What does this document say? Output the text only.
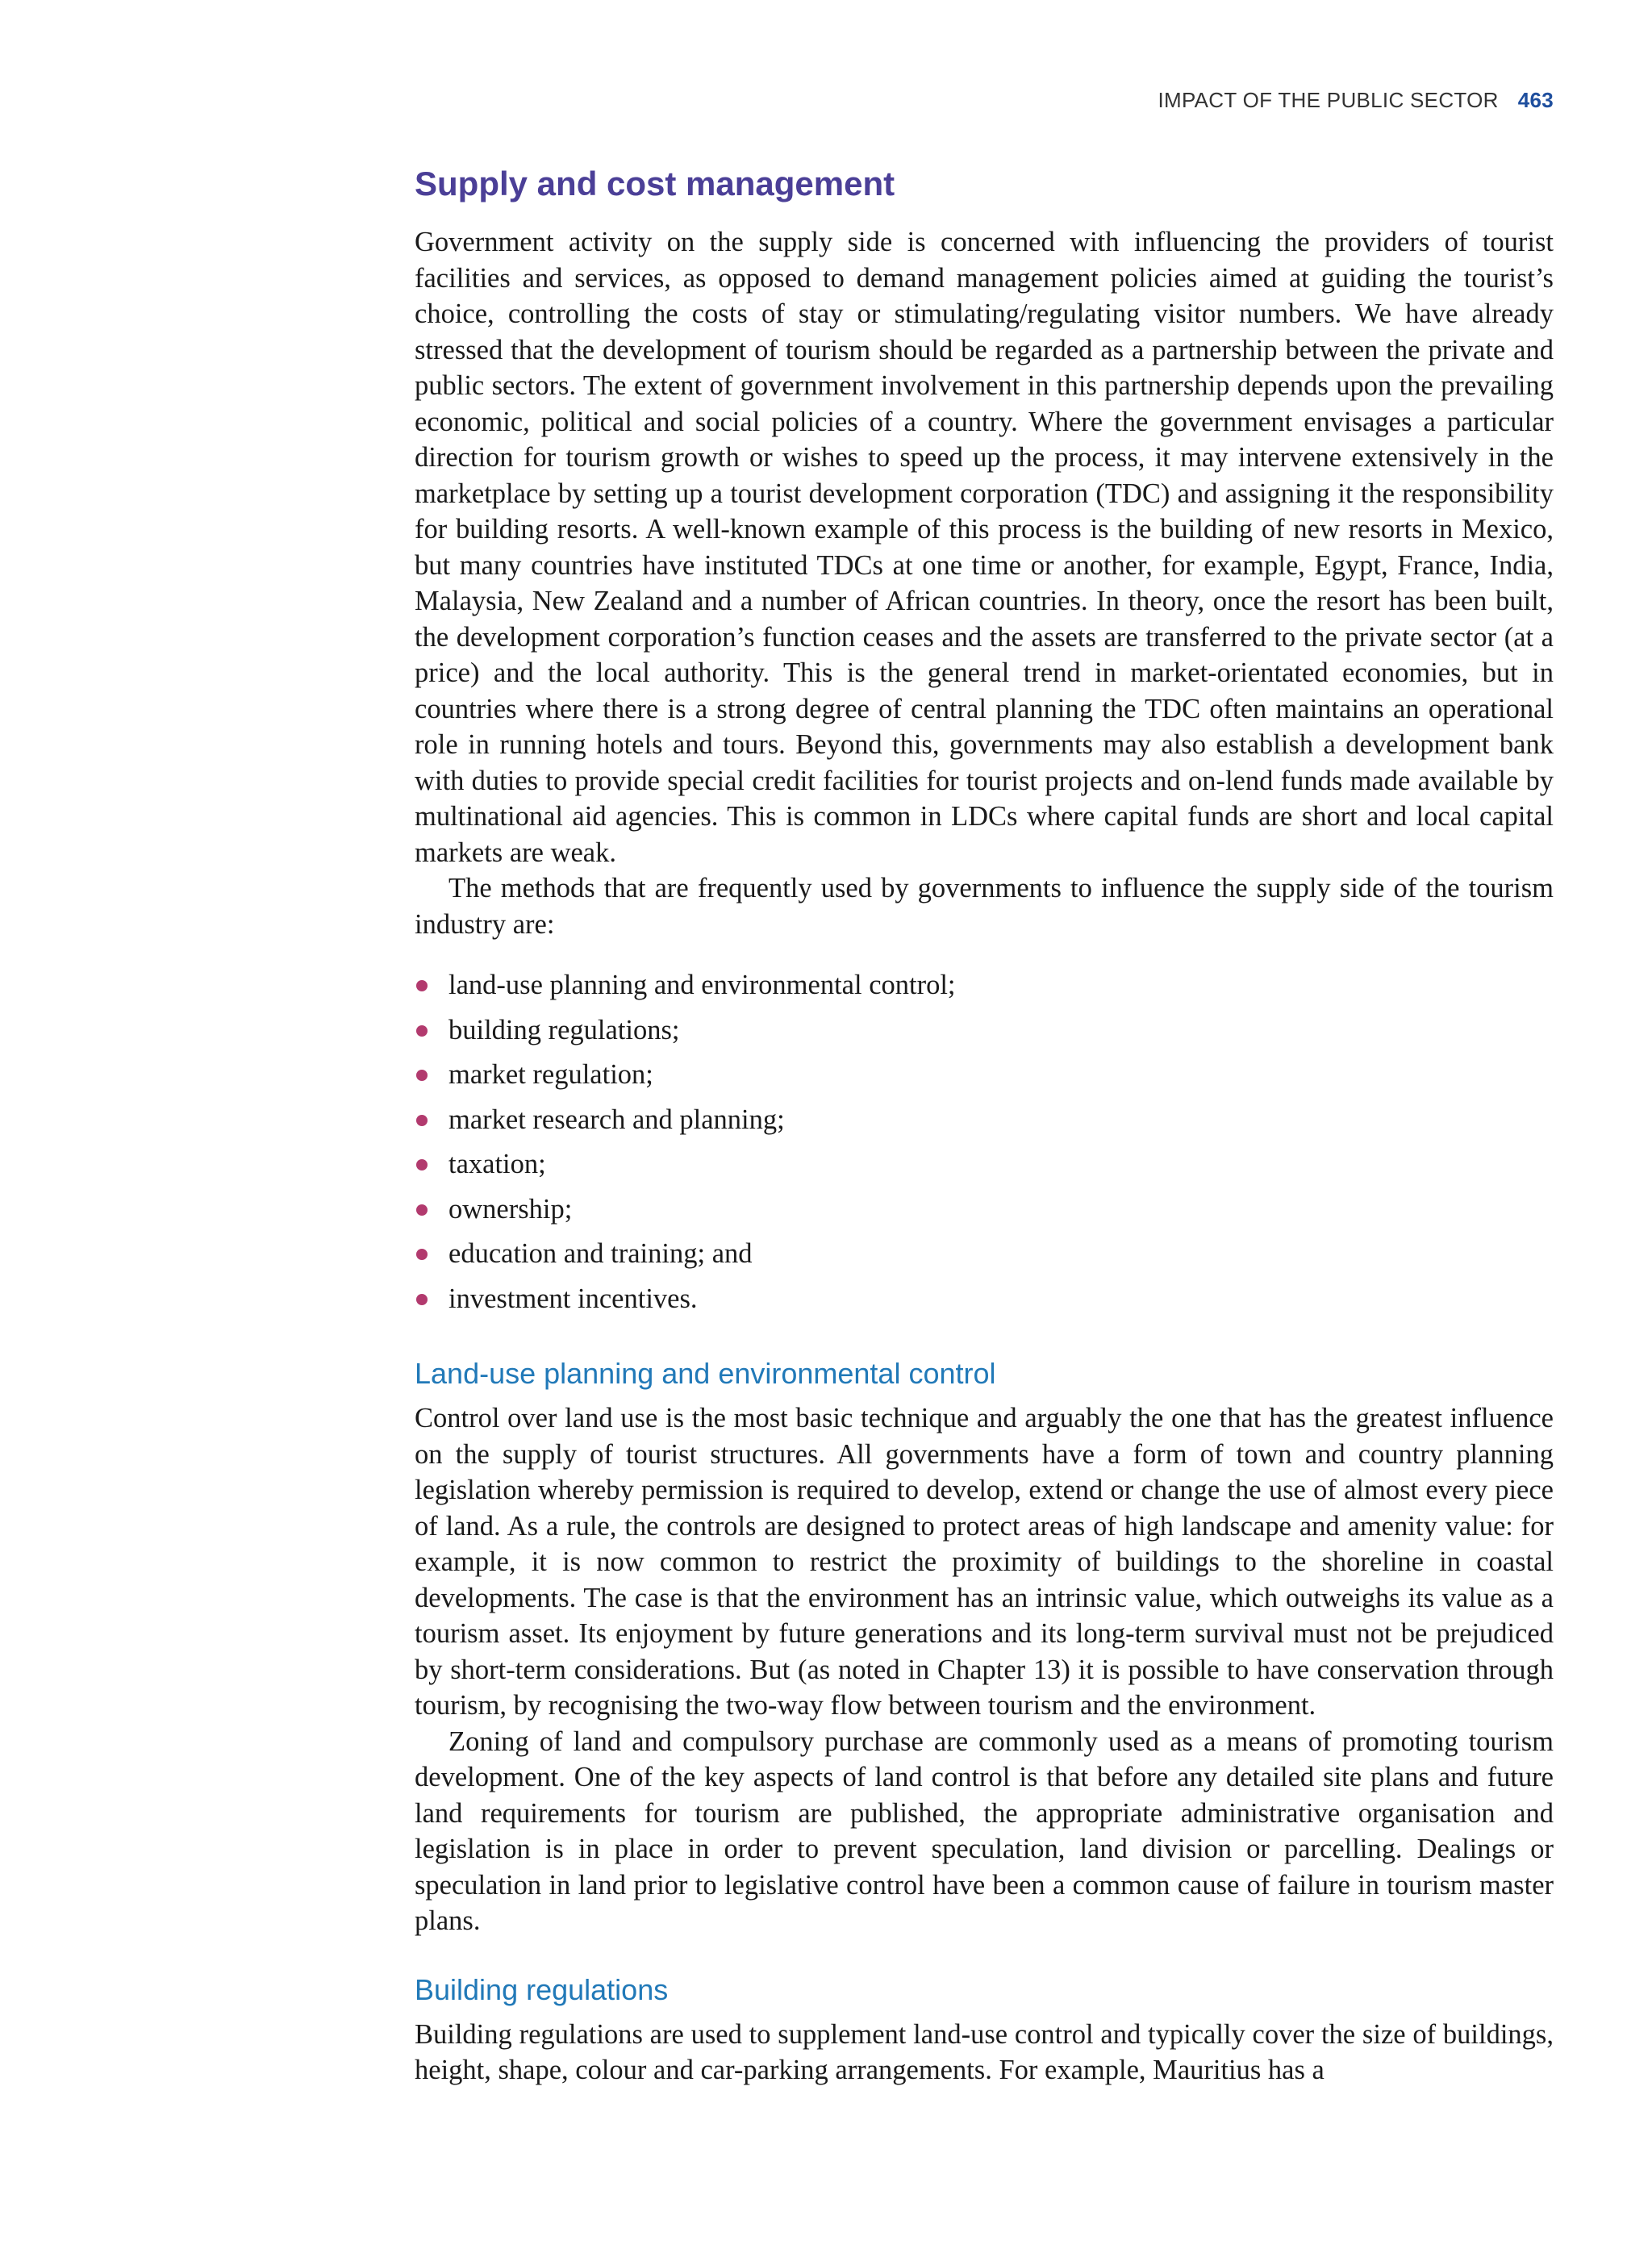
IMPACT OF THE PUBLIC SECTOR 463
Supply and cost management

Government activity on the supply side is concerned with influencing the providers of tourist facilities and services, as opposed to demand management policies aimed at guiding the tourist’s choice, controlling the costs of stay or stimulating/regulating visitor numbers. We have already stressed that the development of tourism should be regarded as a partnership between the private and public sectors. The extent of government involvement in this partnership depends upon the prevailing economic, political and social policies of a country. Where the government envisages a particular direction for tourism growth or wishes to speed up the process, it may intervene extensively in the marketplace by setting up a tourist development corporation (TDC) and assigning it the responsibility for building resorts. A well-known example of this process is the building of new resorts in Mexico, but many countries have instituted TDCs at one time or another, for example, Egypt, France, India, Malaysia, New Zealand and a number of African countries. In theory, once the resort has been built, the development corporation’s function ceases and the assets are transferred to the private sector (at a price) and the local authority. This is the general trend in market-orientated economies, but in countries where there is a strong degree of central planning the TDC often maintains an operational role in running hotels and tours. Beyond this, governments may also establish a development bank with duties to provide special credit facilities for tourist projects and on-lend funds made available by multinational aid agencies. This is common in LDCs where capital funds are short and local capital markets are weak.

The methods that are frequently used by governments to influence the supply side of the tourism industry are:

land-use planning and environmental control;
building regulations;
market regulation;
market research and planning;
taxation;
ownership;
education and training; and
investment incentives.
Land-use planning and environmental control

Control over land use is the most basic technique and arguably the one that has the greatest influence on the supply of tourist structures. All governments have a form of town and country planning legislation whereby permission is required to develop, extend or change the use of almost every piece of land. As a rule, the controls are designed to protect areas of high landscape and amenity value: for example, it is now common to restrict the proximity of buildings to the shoreline in coastal developments. The case is that the environment has an intrinsic value, which outweighs its value as a tourism asset. Its enjoyment by future generations and its long-term survival must not be prejudiced by short-term considerations. But (as noted in Chapter 13) it is possible to have conservation through tourism, by recognising the two-way flow between tourism and the environment.

Zoning of land and compulsory purchase are commonly used as a means of promoting tourism development. One of the key aspects of land control is that before any detailed site plans and future land requirements for tourism are published, the appropriate administrative organisation and legislation is in place in order to prevent speculation, land division or parcelling. Dealings or speculation in land prior to legislative control have been a common cause of failure in tourism master plans.

Building regulations

Building regulations are used to supplement land-use control and typically cover the size of buildings, height, shape, colour and car-parking arrangements. For example, Mauritius has a
